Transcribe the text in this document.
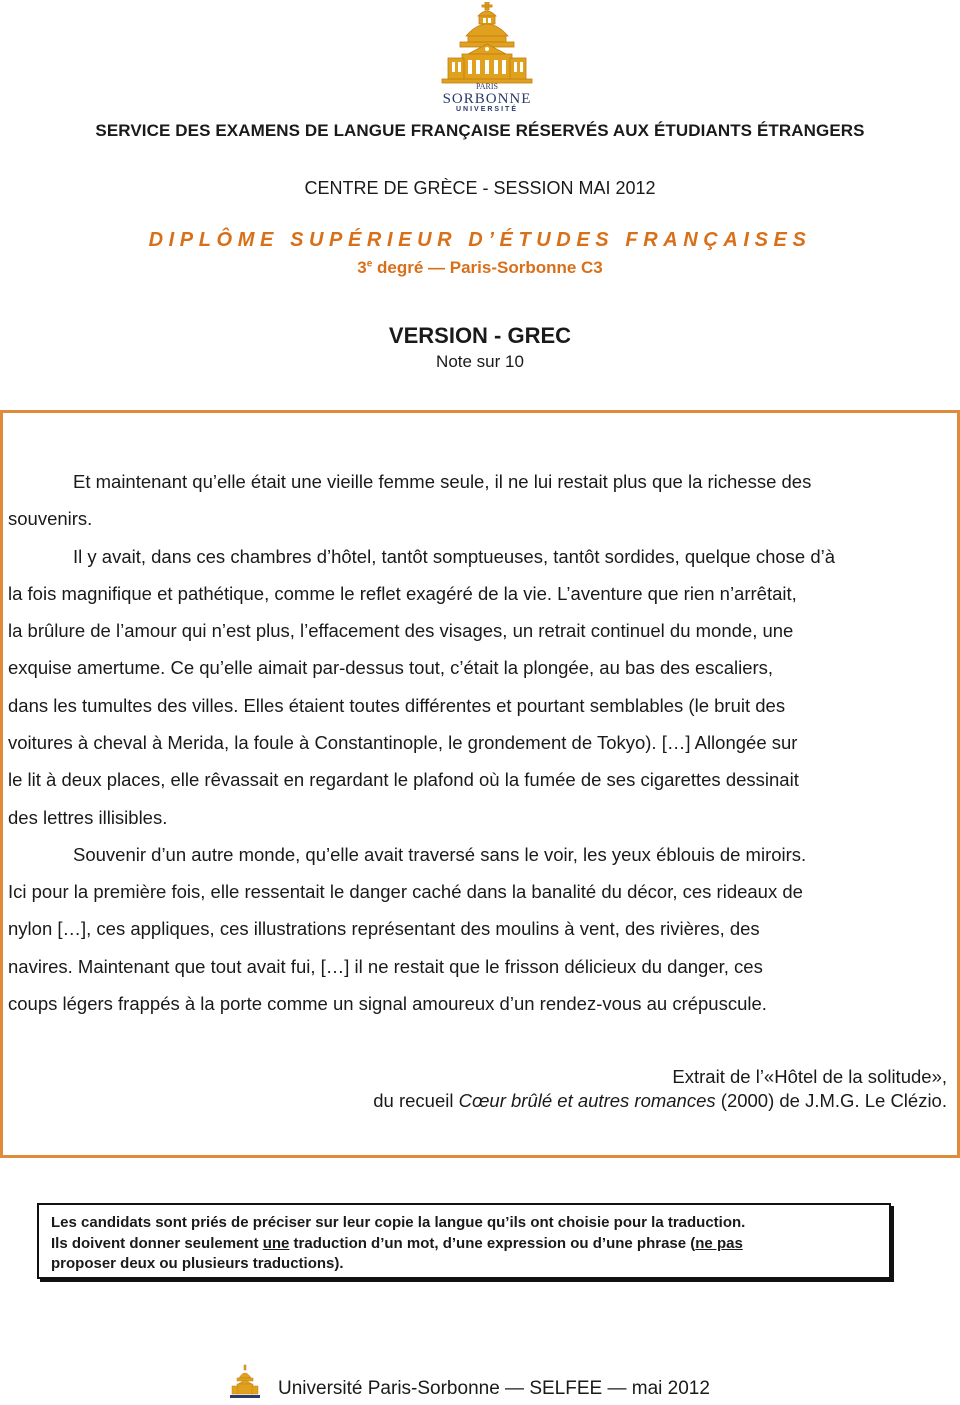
PARIS
SORBONNE
UNIVERSITÉ
SERVICE DES EXAMENS DE LANGUE FRANÇAISE RÉSERVÉS AUX ÉTUDIANTS ÉTRANGERS
CENTRE DE GRÈCE - SESSION MAI 2012
DIPLÔME SUPÉRIEUR D’ÉTUDES FRANÇAISES
3e degré — Paris-Sorbonne C3
VERSION - GREC
Note sur 10
Et maintenant qu’elle était une vieille femme seule, il ne lui restait plus que la richesse des
souvenirs.
Il y avait, dans ces chambres d’hôtel, tantôt somptueuses, tantôt sordides, quelque chose d’à
la fois magnifique et pathétique, comme le reflet exagéré de la vie. L’aventure que rien n’arrêtait,
la brûlure de l’amour qui n’est plus, l’effacement des visages, un retrait continuel du monde, une
exquise amertume. Ce qu’elle aimait par-dessus tout, c’était la plongée, au bas des escaliers,
dans les tumultes des villes. Elles étaient toutes différentes et pourtant semblables (le bruit des
voitures à cheval à Merida, la foule à Constantinople, le grondement de Tokyo). […] Allongée sur
le lit à deux places, elle rêvassait en regardant le plafond où la fumée de ses cigarettes dessinait
des lettres illisibles.
Souvenir d’un autre monde, qu’elle avait traversé sans le voir, les yeux éblouis de miroirs.
Ici pour la première fois, elle ressentait le danger caché dans la banalité du décor, ces rideaux de
nylon […], ces appliques, ces illustrations représentant des moulins à vent, des rivières, des
navires. Maintenant que tout avait fui, […] il ne restait que le frisson délicieux du danger, ces
coups légers frappés à la porte comme un signal amoureux d’un rendez-vous au crépuscule.
Extrait de l’«Hôtel de la solitude»,
du recueil Cœur brûlé et autres romances (2000) de J.M.G. Le Clézio.
Les candidats sont priés de préciser sur leur copie la langue qu’ils ont choisie pour la traduction.
Ils doivent donner seulement une traduction d’un mot, d’une expression ou d’une phrase (ne pas
proposer deux ou plusieurs traductions).
Université Paris-Sorbonne — SELFEE — mai 2012
